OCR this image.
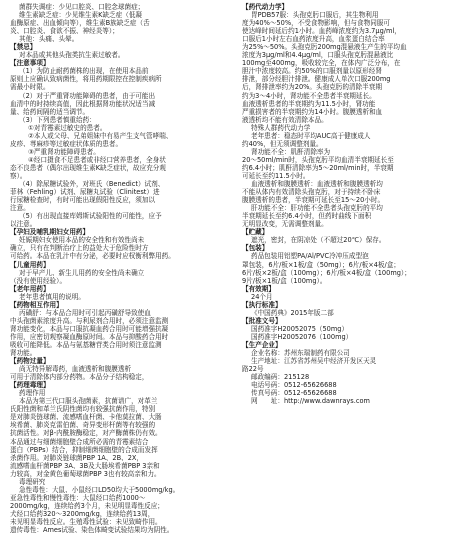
菌群失调症：少见口腔炎、口腔念球菌症；
维生素缺乏症：少见维生素K缺乏症（低凝
血酶原症、出血倾向等），维生素B族缺乏症（舌
炎、口腔炎、食欲不振、神经炎等）；
其他：头痛、头晕。
【禁忌】
对本品或其他头孢类抗生素过敏者。
【注意事项】
（1）为防止耐药菌株的出现，在使用本品前
原则上应确认致病菌性，将用药期限控在控制疾病所
需最小时限。
（2）对于严重肾功能障碍的患者，由于可能出
血清中的时持续高值，因此根据肾功能状况适当减
量、给药间隔的适当调节。
（3）下列患者慎重给药：
①对青霉素过敏史的患者。
②本人或父母、兄弟姐妹中有易产生支气管哮喘、
皮疹、荨麻疹等过敏症状体质的患者。
③严重肾功能障碍患者。
④经口摄食不足患者或非经口营养患者，全身状
态不良患者（偶尔出现维生素K缺乏症状，故应充分观
察）。
（4）除尿糖试验外，对班氏（Benedict）试剂、
菲林（Fehling）试剂、尿糖丸试验（Clinitest）进
行尿糖检查时，有时可能出现假阳性反应，须加以
注意。
（5）有出现直接库姆斯试验阳性的可能性，应予
以注意。
【孕妇及哺乳期妇女用药】
妊娠期妇女使用本品的安全性和有效性尚未
确立，只有在判断治疗上的益处大于危险性时方
可给药。本品在乳汁中有分泌，必要时应权衡利弊用药。
【儿童用药】
对于早产儿、新生儿用药的安全性尚未确立
（没有使用经验）。
【老年用药】
老年患者慎用的说明。
【药物相互作用】
丙磺舒：与本品合用时可引起丙磺舒导致使血
中头孢菌素浓度升高。与利尿剂合用时，必须注意监测
肾功能变化，本品与口服抗凝血药合用时可能增强抗凝
作用，应密切观察凝血酶原时间。本品与抑酸药合用时
吸收可能降低。本品与氨基糖苷类合用时须注意监测
肾功能。
【药物过量】
尚无特异解毒药，血液透析和腹膜透析
可用于清除体内部分药物。本品分子结构稳定，
【药理毒理】
药理作用
本品为第三代口服头孢菌素，抗菌谱广，对革兰
氏阳性菌和革兰氏阴性菌均有较强抗菌作用，特别
是对肺炎链球菌、流感嗜血杆菌、卡他莫拉菌、大肠
埃希菌、肺炎克雷伯菌、奇异变形杆菌等有较强的
抗菌活性。对β-内酰胺酶稳定，对产酶菌株仍有效。
本品通过与细菌细胞壁合成所必需的青霉素结合
蛋白（PBPs）结合，抑制细菌细胞壁的合成而发挥
杀菌作用。对肺炎链球菌PBP 1A、2B、2X，
流感嗜血杆菌PBP 3A、3B及大肠埃希菌PBP 3亲和
力较高，对金黄色葡萄球菌PBP 3也有较高亲和力。
毒理研究
急性毒性：大鼠、小鼠经口LD50均大于5000mg/kg。
亚急性毒性和慢性毒性：大鼠经口给药1000～
2000mg/kg，连续给药3个月，未见明显毒性反应；
犬经口给药320～3200mg/kg，连续给药13周，
未见明显毒性反应。生殖毒性试验：未见致畸作用。
遗传毒性：Ames试验、染色体畸变试验结果均为阴性。
【药代动力学】
胃PDB57服：头孢克肟口服后，其生物利用
度为40%～50%，不受食物影响，但与食物同服可
使达峰时间延后约1小时。血药峰浓度约为3.7μg/ml，
口服后1小时左右血药浓度升高，血浆蛋白结合率
为25%～50%。头孢克肟200mg混悬液生产生的平均血
浓度为3μg/ml和4.4μg/ml，口服头孢克肟混悬液比
100mg至400mg，吸收较完全，在体内广泛分布，在
胆汁中浓度较高。约50%的口服剂量以原形经肾
排泄，部分经胆汁排泄。健康成人单次口服200mg
后，肾排泄率约为20%。头孢克肟的清除半衰期
约为3～4小时，肾功能不全患者半衰期延长。
血液透析患者的半衰期约为11.5小时，肾功能
严重损害者的半衰期约为14小时。腹膜透析和血
液透析均不能有效清除本品。
特殊人群药代动力学
老年患者：稳态时平均AUC高于健康成人
约40%，但无须调整剂量。
肾功能不全：肌酐清除率为
20～50ml/min时，头孢克肟平均血清半衰期延长至
约6.4小时；肌酐清除率为5～20ml/min时，半衰期
可延长至约11.5小时。
血液透析和腹膜透析：血液透析和腹膜透析均
不能从体内有效清除头孢克肟，对于持续不卧床
腹膜透析的患者，半衰期可延长至15～20小时。
肝功能不全：肝功能不全患者头孢克肟的平均
半衰期延长至约6.4小时，但药时曲线下面积
无明显改变，无需调整剂量。
【贮藏】
遮光，密封，在阴凉处（不超过20℃）保存。
【包装】
药品包装用铝塑PA/Al/PVC冷冲压成型泡
罩包装，6片/板×1板/盒（50mg）；6片/板×4板/盒；
6片/板×2板/盒（100mg）；6片/板×4板/盒（100mg）；
9片/板×1板/盒（100mg）。
【有效期】
24个月
【执行标准】
《中国药典》2015年版二部
【批准文号】
国药准字H20052075（50mg）
国药准字H20052076（100mg）
【生产企业】
企业名称：苏州东瑞制药有限公司
生产地址：江苏省苏州吴中经济开发区天灵
路22号
邮政编码：215128
电话号码：0512-65626688
传真号码：0512-65626688
网　　址：http://www.dawnrays.com
